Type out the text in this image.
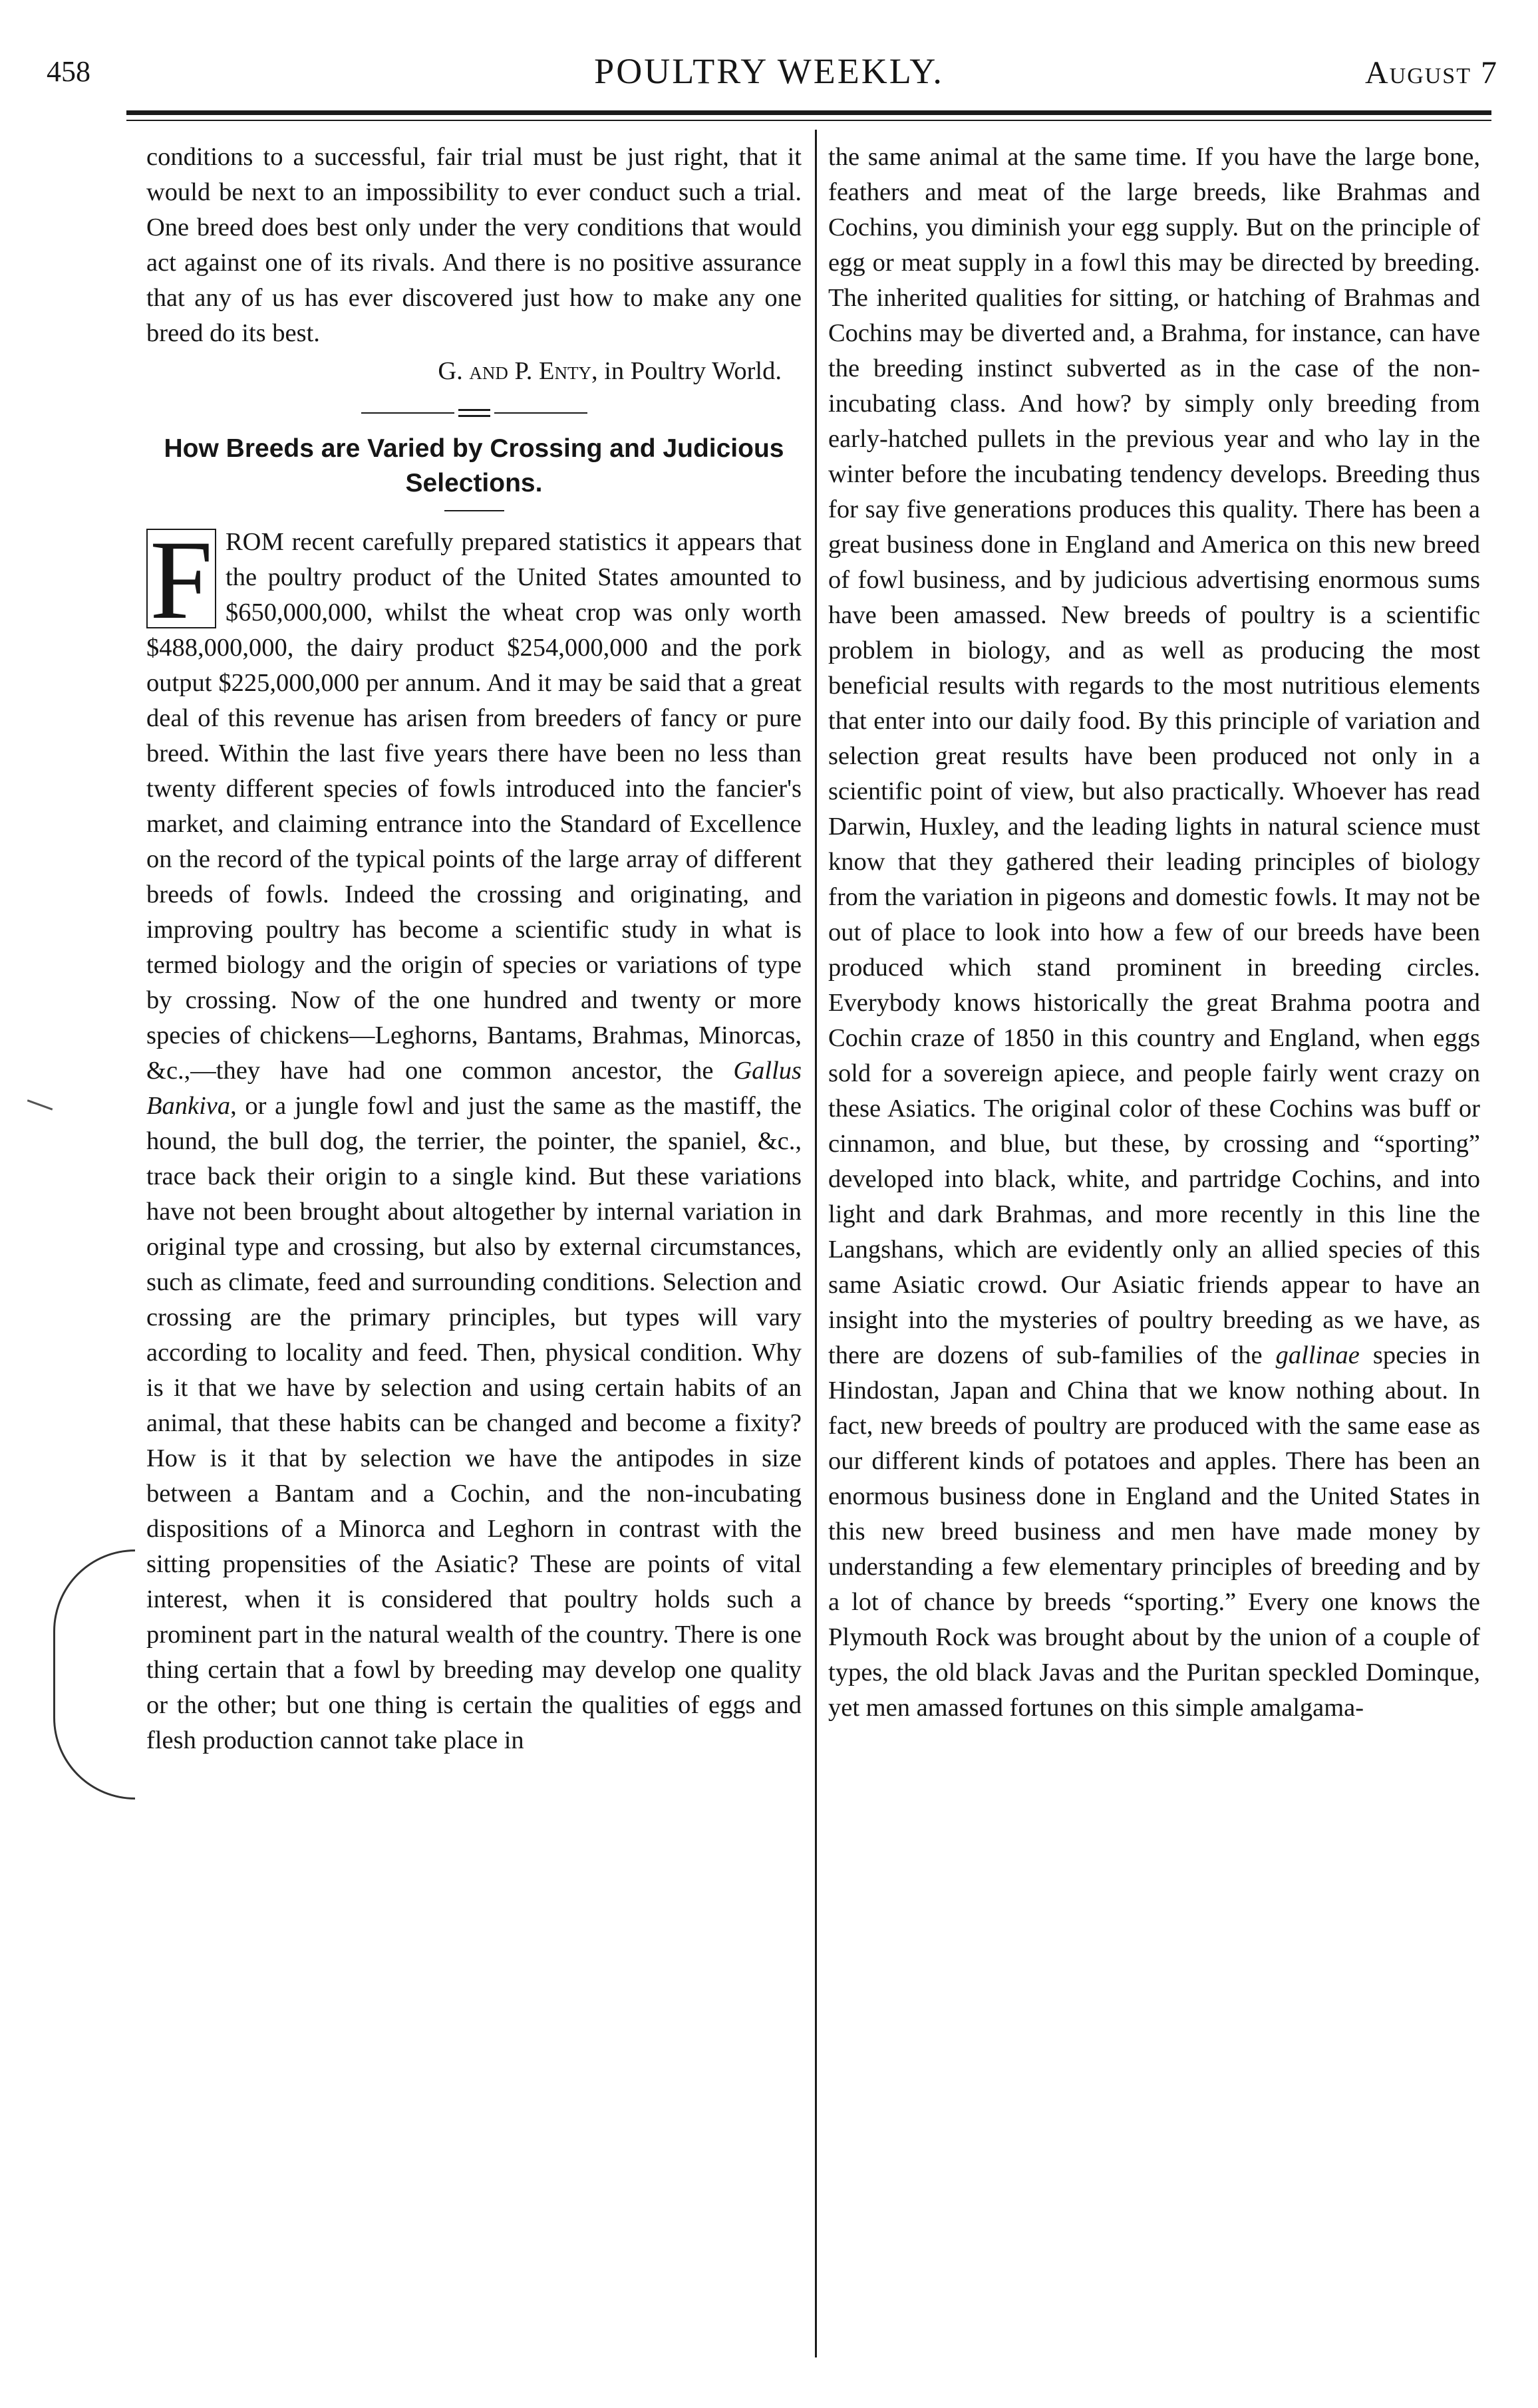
458	POULTRY WEEKLY.	August 7

conditions to a successful, fair trial must be just right, that it would be next to an impossibility to ever conduct such a trial. One breed does best only under the very conditions that would act against one of its rivals. And there is no positive assurance that any of us has ever discovered just how to make any one breed do its best.

G. and P. Enty, in Poultry World.

How Breeds are Varied by Crossing and Judicious Selections.

F ROM recent carefully prepared statistics it appears that the poultry product of the United States amounted to $650,000,000, whilst the wheat crop was only worth $488,000,000, the dairy product $254,000,000 and the pork output $225,000,000 per annum. And it may be said that a great deal of this revenue has arisen from breeders of fancy or pure breed. Within the last five years there have been no less than twenty different species of fowls introduced into the fancier's market, and claiming entrance into the Standard of Excellence on the record of the typical points of the large array of different breeds of fowls. Indeed the crossing and originating, and improving poultry has become a scientific study in what is termed biology and the origin of species or variations of type by crossing. Now of the one hundred and twenty or more species of chickens—Leghorns, Bantams, Brahmas, Minorcas, &c.,—they have had one common ancestor, the Gallus Bankiva, or a jungle fowl and just the same as the mastiff, the hound, the bull dog, the terrier, the pointer, the spaniel, &c., trace back their origin to a single kind. But these variations have not been brought about altogether by internal variation in original type and crossing, but also by external circumstances, such as climate, feed and surrounding conditions. Selection and crossing are the primary principles, but types will vary according to locality and feed. Then, physical condition. Why is it that we have by selection and using certain habits of an animal, that these habits can be changed and become a fixity? How is it that by selection we have the antipodes in size between a Bantam and a Cochin, and the non-incubating dispositions of a Minorca and Leghorn in contrast with the sitting propensities of the Asiatic? These are points of vital interest, when it is considered that poultry holds such a prominent part in the natural wealth of the country. There is one thing certain that a fowl by breeding may develop one quality or the other; but one thing is certain the qualities of eggs and flesh production cannot take place in

the same animal at the same time. If you have the large bone, feathers and meat of the large breeds, like Brahmas and Cochins, you diminish your egg supply. But on the principle of egg or meat supply in a fowl this may be directed by breeding. The inherited qualities for sitting, or hatching of Brahmas and Cochins may be diverted and, a Brahma, for instance, can have the breeding instinct subverted as in the case of the non-incubating class. And how? by simply only breeding from early-hatched pullets in the previous year and who lay in the winter before the incubating tendency develops. Breeding thus for say five generations produces this quality. There has been a great business done in England and America on this new breed of fowl business, and by judicious advertising enormous sums have been amassed. New breeds of poultry is a scientific problem in biology, and as well as producing the most beneficial results with regards to the most nutritious elements that enter into our daily food. By this principle of variation and selection great results have been produced not only in a scientific point of view, but also practically. Whoever has read Darwin, Huxley, and the leading lights in natural science must know that they gathered their leading principles of biology from the variation in pigeons and domestic fowls. It may not be out of place to look into how a few of our breeds have been produced which stand prominent in breeding circles. Everybody knows historically the great Brahma pootra and Cochin craze of 1850 in this country and England, when eggs sold for a sovereign apiece, and people fairly went crazy on these Asiatics. The original color of these Cochins was buff or cinnamon, and blue, but these, by crossing and “sporting” developed into black, white, and partridge Cochins, and into light and dark Brahmas, and more recently in this line the Langshans, which are evidently only an allied species of this same Asiatic crowd. Our Asiatic friends appear to have an insight into the mysteries of poultry breeding as we have, as there are dozens of sub-families of the gallinae species in Hindostan, Japan and China that we know nothing about. In fact, new breeds of poultry are produced with the same ease as our different kinds of potatoes and apples. There has been an enormous business done in England and the United States in this new breed business and men have made money by understanding a few elementary principles of breeding and by a lot of chance by breeds “sporting.” Every one knows the Plymouth Rock was brought about by the union of a couple of types, the old black Javas and the Puritan speckled Dominque, yet men amassed fortunes on this simple amalgama-
